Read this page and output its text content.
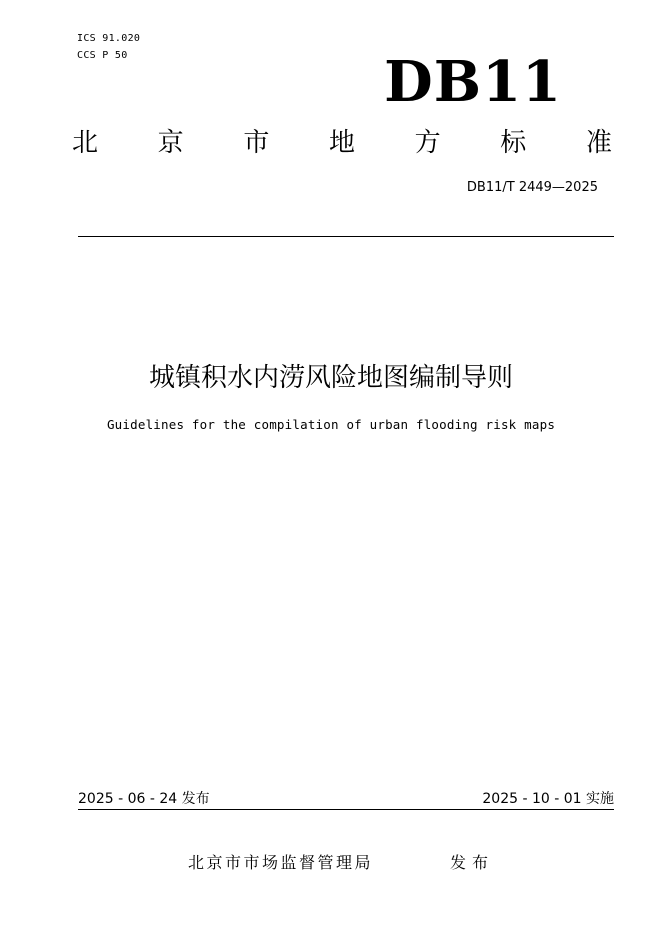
ICS 91.020
CCS P 50	DB11
北 京 市 地 方 标 准
DB11/T 2449—2025
城镇积水内涝风险地图编制导则
Guidelines for the compilation of urban flooding risk maps
2025 - 06 - 24 发布	2025 - 10 - 01 实施
北京市市场监督管理局	发布
